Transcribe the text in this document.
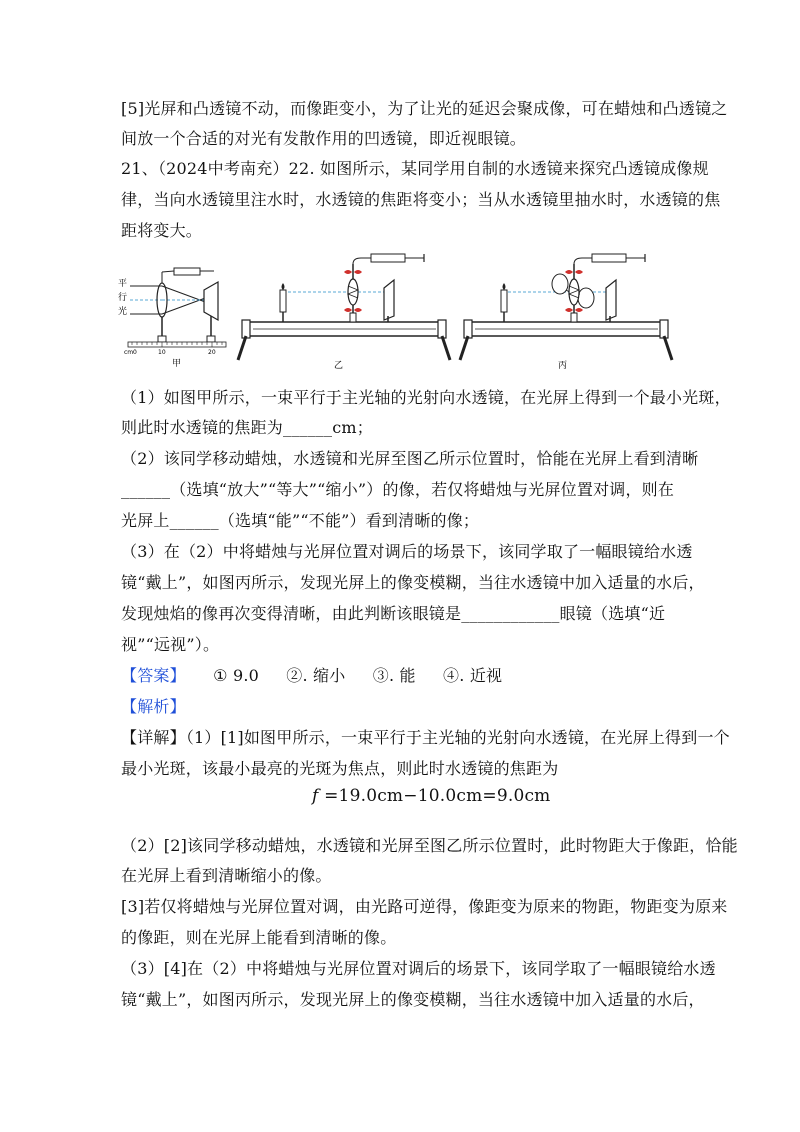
[5]光屏和凸透镜不动，而像距变小，为了让光的延迟会聚成像，可在蜡烛和凸透镜之
间放一个合适的对光有发散作用的凹透镜，即近视眼镜。
21、（2024中考南充）22. 如图所示，某同学用自制的水透镜来探究凸透镜成像规
律，当向水透镜里注水时，水透镜的焦距将变小；当从水透镜里抽水时，水透镜的焦
距将变大。
平
行
光
cm 0	10	20
甲	乙	丙
（1）如图甲所示，一束平行于主光轴的光射向水透镜，在光屏上得到一个最小光斑，
则此时水透镜的焦距为______cm；
（2）该同学移动蜡烛，水透镜和光屏至图乙所示位置时，恰能在光屏上看到清晰
______（选填“放大”“等大”“缩小”）的像，若仅将蜡烛与光屏位置对调，则在
光屏上______（选填“能”“不能”）看到清晰的像；
（3）在（2）中将蜡烛与光屏位置对调后的场景下，该同学取了一幅眼镜给水透
镜“戴上”，如图丙所示，发现光屏上的像变模糊，当往水透镜中加入适量的水后，
发现烛焰的像再次变得清晰，由此判断该眼镜是____________眼镜（选填“近
视”“远视”）。
【答案】 ① 9.0 ②. 缩小 ③. 能 ④. 近视
【解析】
【详解】（1）[1]如图甲所示，一束平行于主光轴的光射向水透镜，在光屏上得到一个
最小光斑，该最小最亮的光斑为焦点，则此时水透镜的焦距为
f =19.0cm−10.0cm=9.0cm
（2）[2]该同学移动蜡烛，水透镜和光屏至图乙所示位置时，此时物距大于像距，恰能
在光屏上看到清晰缩小的像。
[3]若仅将蜡烛与光屏位置对调，由光路可逆得，像距变为原来的物距，物距变为原来
的像距，则在光屏上能看到清晰的像。
（3）[4]在（2）中将蜡烛与光屏位置对调后的场景下，该同学取了一幅眼镜给水透
镜“戴上”，如图丙所示，发现光屏上的像变模糊，当往水透镜中加入适量的水后，
